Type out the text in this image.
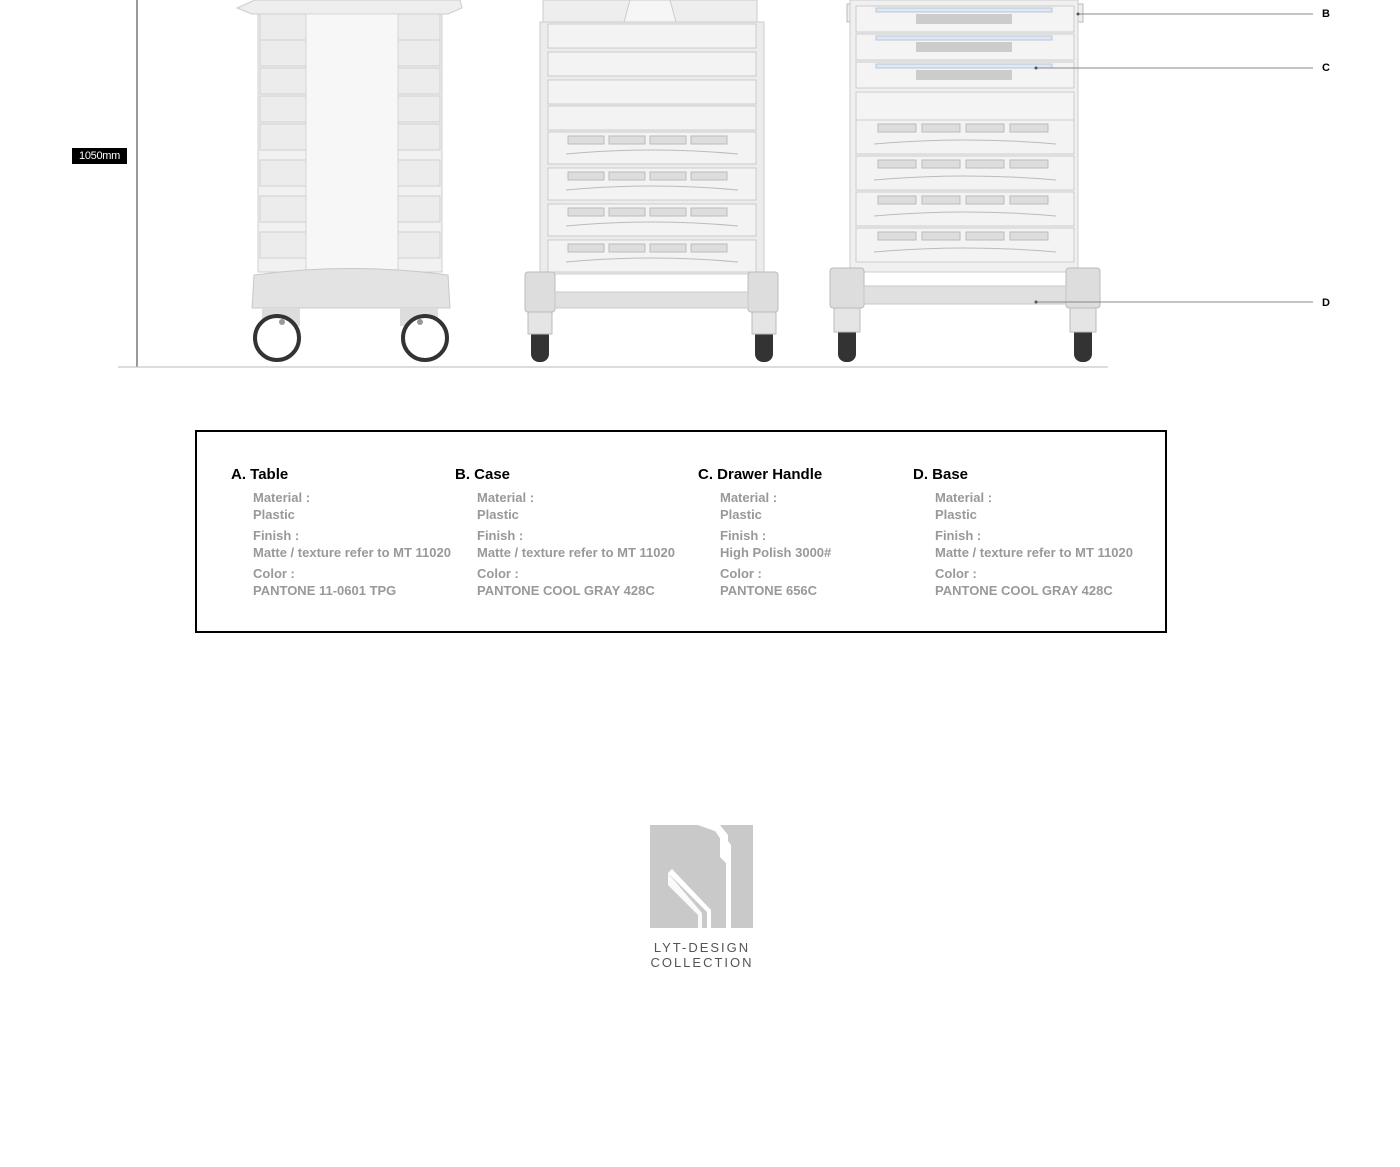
1050mm
B
C
D
A. Table
Material :
Plastic
Finish :
Matte / texture refer to MT 11020
Color :
PANTONE 11-0601 TPG
B. Case
Material :
Plastic
Finish :
Matte / texture refer to MT 11020
Color :
PANTONE COOL GRAY 428C
C. Drawer Handle
Material :
Plastic
Finish :
High Polish 3000#
Color :
PANTONE 656C
D. Base
Material :
Plastic
Finish :
Matte / texture refer to MT 11020
Color :
PANTONE COOL GRAY 428C
LYT-DESIGN
COLLECTION
